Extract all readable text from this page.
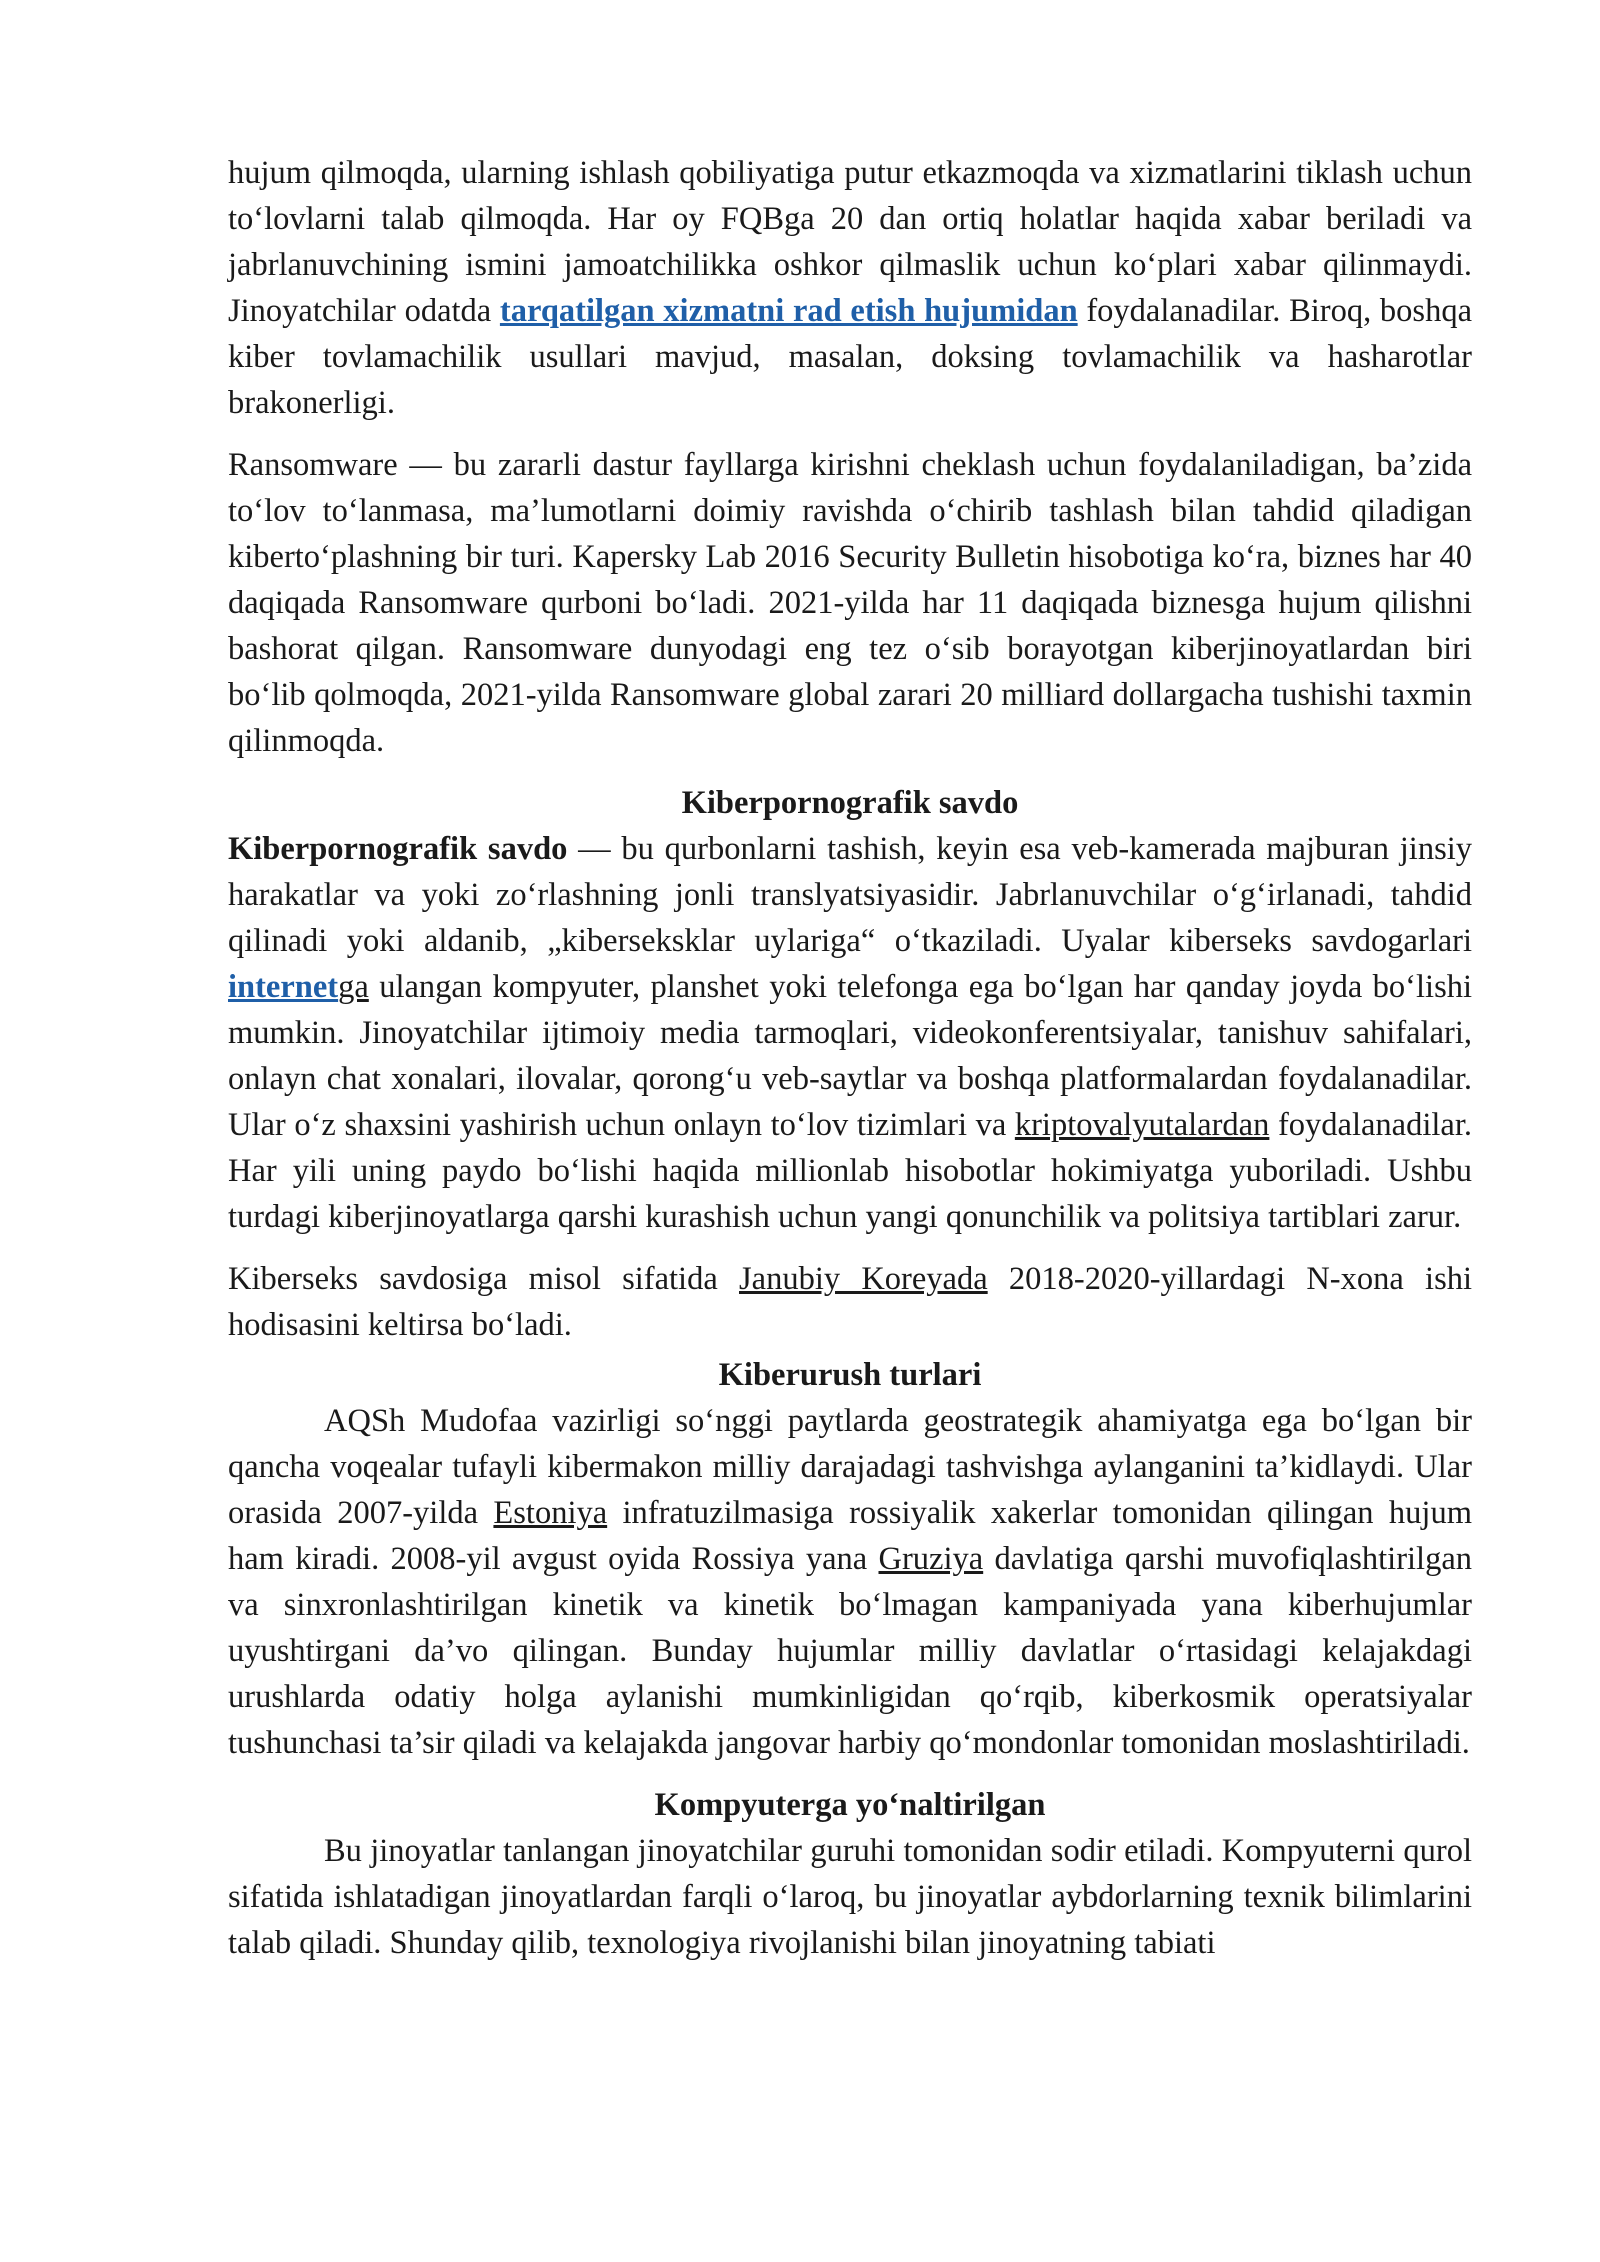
hujum qilmoqda, ularning ishlash qobiliyatiga putur etkazmoqda va xizmatlarini tiklash uchun to‘lovlarni talab qilmoqda. Har oy FQBga 20 dan ortiq holatlar haqida xabar beriladi va jabrlanuvchining ismini jamoatchilikka oshkor qilmaslik uchun ko‘plari xabar qilinmaydi. Jinoyatchilar odatda tarqatilgan xizmatni rad etish hujumidan foydalanadilar. Biroq, boshqa kiber tovlamachilik usullari mavjud, masalan, doksing tovlamachilik va hasharotlar brakonerligi.

Ransomware — bu zararli dastur fayllarga kirishni cheklash uchun foydalaniladigan, ba’zida to‘lov to‘lanmasa, ma’lumotlarni doimiy ravishda o‘chirib tashlash bilan tahdid qiladigan kiberto‘plashning bir turi. Kapersky Lab 2016 Security Bulletin hisobotiga ko‘ra, biznes har 40 daqiqada Ransomware qurboni bo‘ladi. 2021-yilda har 11 daqiqada biznesga hujum qilishni bashorat qilgan. Ransomware dunyodagi eng tez o‘sib borayotgan kiberjinoyatlardan biri bo‘lib qolmoqda, 2021-yilda Ransomware global zarari 20 milliard dollargacha tushishi taxmin qilinmoqda.

Kiberpornografik savdo

Kiberpornografik savdo — bu qurbonlarni tashish, keyin esa veb-kamerada majburan jinsiy harakatlar va yoki zo‘rlashning jonli translyatsiyasidir. Jabrlanuvchilar o‘g‘irlanadi, tahdid qilinadi yoki aldanib, „kiberseksklar uylariga“ o‘tkaziladi. Uyalar kiberseks savdogarlari internetga ulangan kompyuter, planshet yoki telefonga ega bo‘lgan har qanday joyda bo‘lishi mumkin. Jinoyatchilar ijtimoiy media tarmoqlari, videokonferentsiyalar, tanishuv sahifalari, onlayn chat xonalari, ilovalar, qorong‘u veb-saytlar va boshqa platformalardan foydalanadilar. Ular o‘z shaxsini yashirish uchun onlayn to‘lov tizimlari va kriptovalyutalardan foydalanadilar. Har yili uning paydo bo‘lishi haqida millionlab hisobotlar hokimiyatga yuboriladi. Ushbu turdagi kiberjinoyatlarga qarshi kurashish uchun yangi qonunchilik va politsiya tartiblari zarur.

Kiberseks savdosiga misol sifatida Janubiy Koreyada 2018-2020-yillardagi N-xona ishi hodisasini keltirsa bo‘ladi.

Kiberurush turlari

AQSh Mudofaa vazirligi so‘nggi paytlarda geostrategik ahamiyatga ega bo‘lgan bir qancha voqealar tufayli kibermakon milliy darajadagi tashvishga aylanganini ta’kidlaydi. Ular orasida 2007-yilda Estoniya infratuzilmasiga rossiyalik xakerlar tomonidan qilingan hujum ham kiradi. 2008-yil avgust oyida Rossiya yana Gruziya davlatiga qarshi muvofiqlashtirilgan va sinxronlashtirilgan kinetik va kinetik bo‘lmagan kampaniyada yana kiberhujumlar uyushtirgani da’vo qilingan. Bunday hujumlar milliy davlatlar o‘rtasidagi kelajakdagi urushlarda odatiy holga aylanishi mumkinligidan qo‘rqib, kiberkosmik operatsiyalar tushunchasi ta’sir qiladi va kelajakda jangovar harbiy qo‘mondonlar tomonidan moslashtiriladi.

Kompyuterga yo‘naltirilgan

Bu jinoyatlar tanlangan jinoyatchilar guruhi tomonidan sodir etiladi. Kompyuterni qurol sifatida ishlatadigan jinoyatlardan farqli o‘laroq, bu jinoyatlar aybdorlarning texnik bilimlarini talab qiladi. Shunday qilib, texnologiya rivojlanishi bilan jinoyatning tabiati
